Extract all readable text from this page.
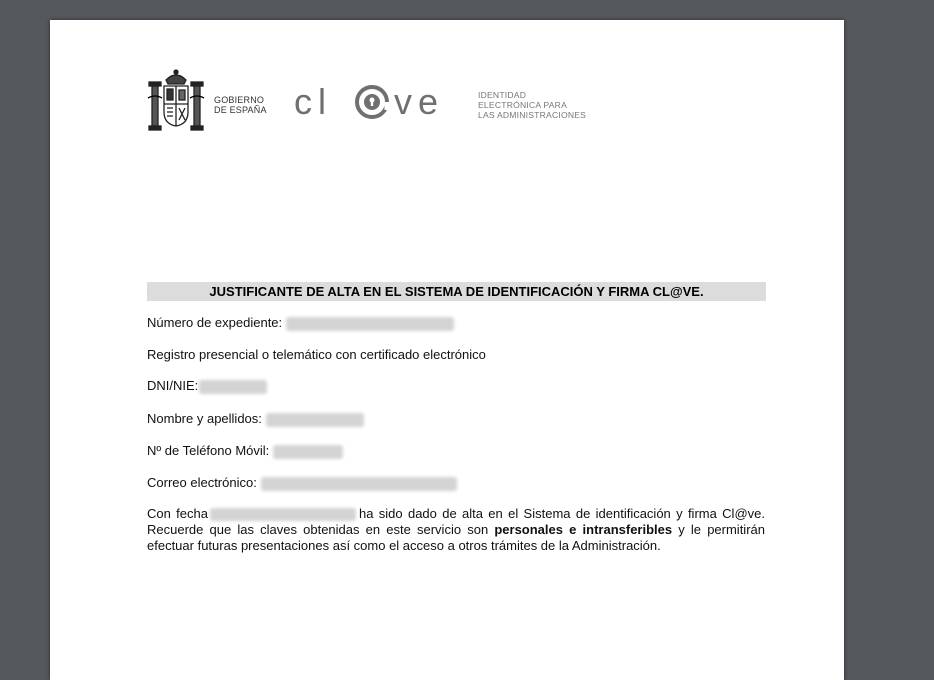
GOBIERNO
DE ESPAÑA cl ve	IDENTIDAD
ELECTRÓNICA PARA
LAS ADMINISTRACIONES
JUSTIFICANTE DE ALTA EN EL SISTEMA DE IDENTIFICACIÓN Y FIRMA CL@VE.
Número de expediente:
Registro presencial o telemático con certificado electrónico
DNI/NIE:
Nombre y apellidos:
Nº de Teléfono Móvil:
Correo electrónico:
Con fecha	ha sido dado de alta en el Sistema de identificación y firma Cl@ve. Recuerde que las claves obtenidas en este servicio son personales e intransferibles y le permitirán efectuar futuras presentaciones así como el acceso a otros trámites de la Administración.
